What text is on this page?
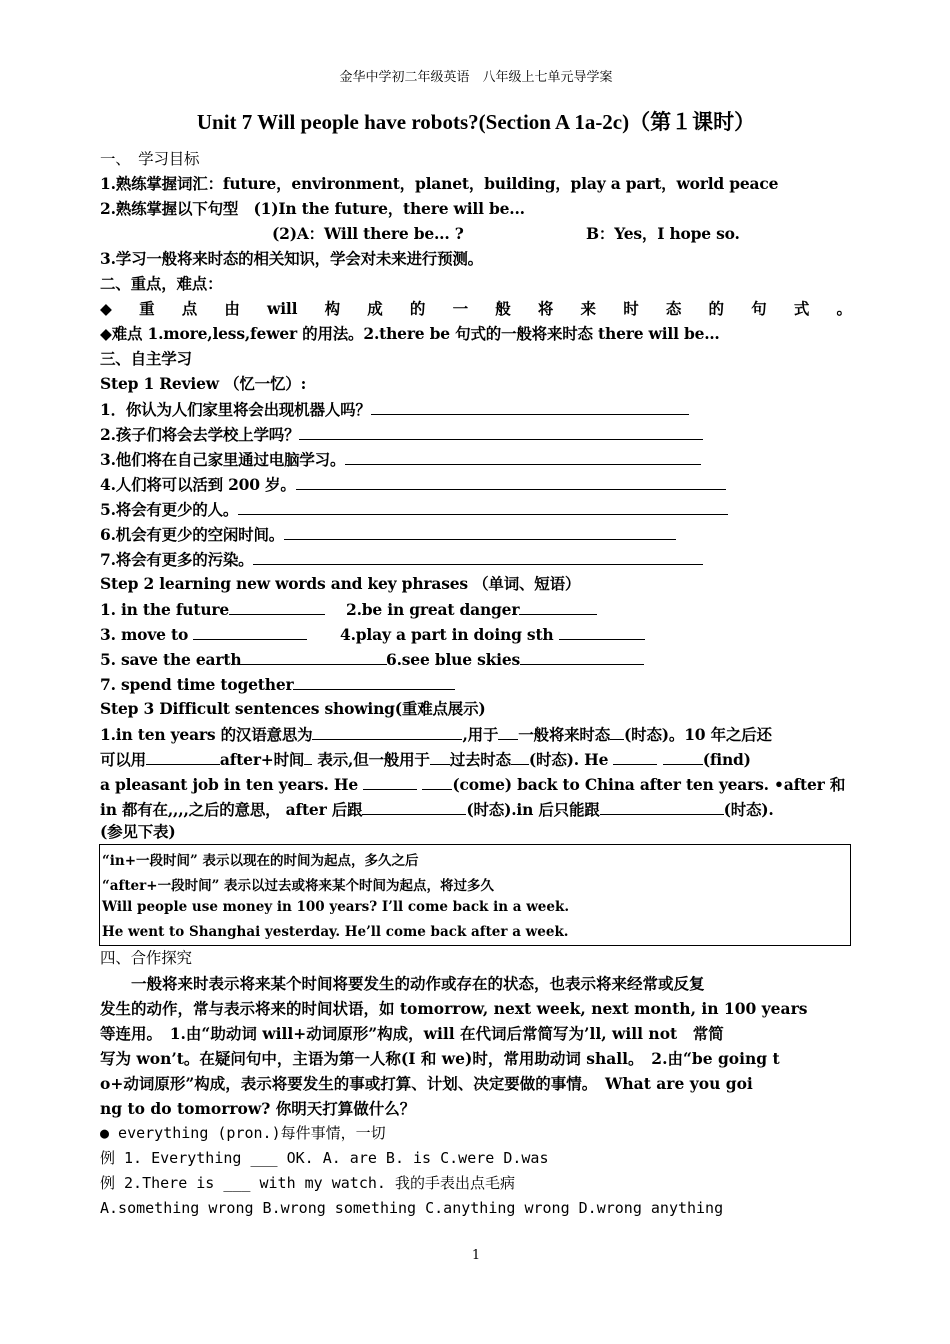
金华中学初二年级英语　八年级上七单元导学案
Unit 7 Will people have robots?(Section A 1a-2c)（第１课时）
一、　学习目标
1.熟练掌握词汇：future，environment，planet，building，play a part，world peace
2.熟练掌握以下句型　(1)In the future，there will be...
(2)A：Will there be... ?	B：Yes，I hope so.
3.学习一般将来时态的相关知识，学会对未来进行预测。
二、重点，难点：
◆ 重 点 由 will 构 成 的 一 般 将 来 时 态 的 句 式 。
◆难点 1.more,less,fewer 的用法。2.there be 句式的一般将来时态 there will be…
三、自主学习
Step 1 Review （忆一忆）:
1．你认为人们家里将会出现机器人吗？
2.孩子们将会去学校上学吗？
3.他们将在自己家里通过电脑学习。
4.人们将可以活到 200 岁。
5.将会有更少的人。
6.机会有更少的空闲时间。
7.将会有更多的污染。
Step 2 learning new words and key phrases （单词、短语）
1. in the future	2.be in great danger
3. move to	4.play a part in doing sth
5. save the earth	6.see blue skies
7. spend time together
Step 3 Difficult sentences showing(重难点展示)
1.in ten years 的汉语意思为	,用于 一般将来时态 (时态)。10 年之后还
可以用	after+时间 表示,但一般用于 过去时态 (时态). He	(find)
a pleasant job in ten years. He	(come) back to China after ten years. •after 和
in 都有在,,,,之后的意思， after 后跟	(时态).in 后只能跟	(时态).
(参见下表)
“in+一段时间” 表示以现在的时间为起点，多久之后
“after+一段时间” 表示以过去或将来某个时间为起点，将过多久
Will people use money in 100 years? I’ll come back in a week.
He went to Shanghai yesterday. He’ll come back after a week.
四、合作探究
　　一般将来时表示将来某个时间将要发生的动作或存在的状态，也表示将来经常或反复
发生的动作，常与表示将来的时间状语，如 tomorrow, next week, next month, in 100 years
等连用。　1.由“助动词 will+动词原形”构成，will 在代词后常简写为’ll, will not　常简
写为 won’t。在疑问句中，主语为第一人称(I 和 we)时，常用助动词 shall。　2.由“be going t
o+动词原形”构成，表示将要发生的事或打算、计划、决定要做的事情。　What are you goi
ng to do tomorrow? 你明天打算做什么？
● everything (pron.)每件事情，一切
例 1. Everything ___ OK. A. are B. is C.were D.was
例 2.There is ___ with my watch. 我的手表出点毛病
A.something wrong B.wrong something C.anything wrong D.wrong anything
1
